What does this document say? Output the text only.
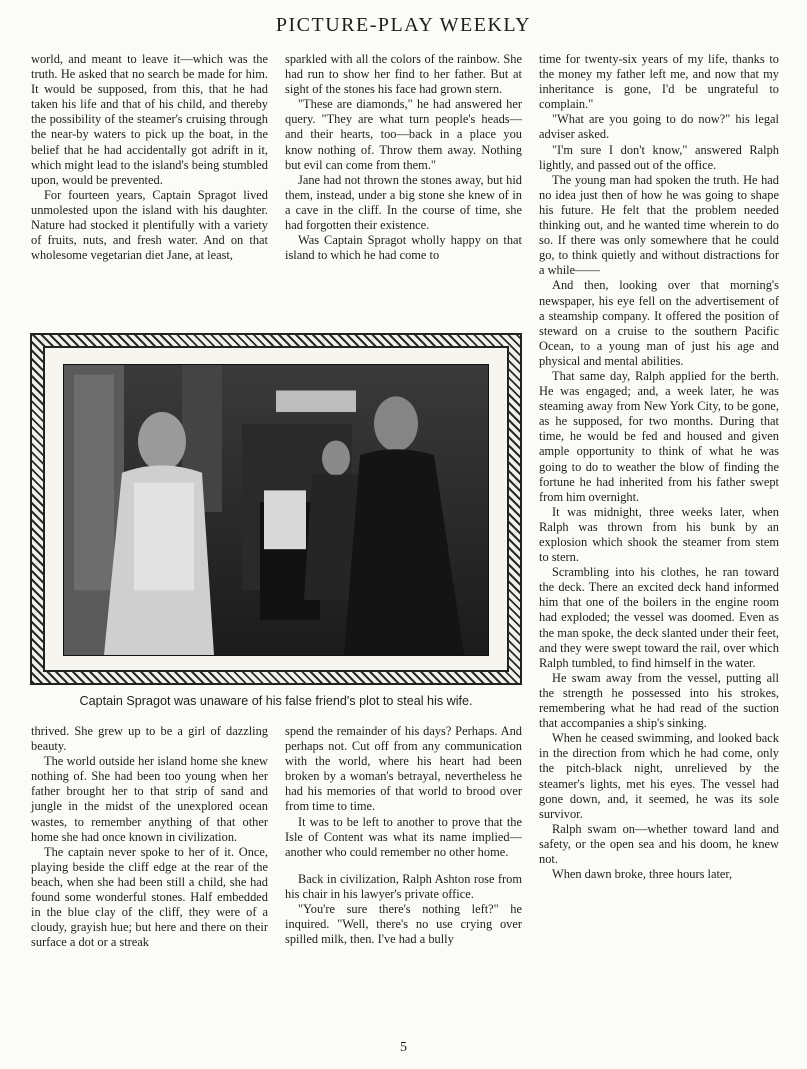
PICTURE-PLAY WEEKLY

world, and meant to leave it—which was the truth. He asked that no search be made for him. It would be supposed, from this, that he had taken his life and that of his child, and thereby the possibility of the steamer's cruising through the near-by waters to pick up the boat, in the belief that he had accidentally got adrift in it, which might lead to the island's being stumbled upon, would be prevented.

For fourteen years, Captain Spragot lived unmolested upon the island with his daughter. Nature had stocked it plentifully with a variety of fruits, nuts, and fresh water. And on that wholesome vegetarian diet Jane, at least,

sparkled with all the colors of the rainbow. She had run to show her find to her father. But at sight of the stones his face had grown stern.

"These are diamonds," he had answered her query. "They are what turn people's heads—and their hearts, too—back in a place you know nothing of. Throw them away. Nothing but evil can come from them."

Jane had not thrown the stones away, but hid them, instead, under a big stone she knew of in a cave in the cliff. In the course of time, she had forgotten their existence.

Was Captain Spragot wholly happy on that island to which he had come to

time for twenty-six years of my life, thanks to the money my father left me, and now that my inheritance is gone, I'd be ungrateful to complain."

"What are you going to do now?" his legal adviser asked.

"I'm sure I don't know," answered Ralph lightly, and passed out of the office.

The young man had spoken the truth. He had no idea just then of how he was going to shape his future. He felt that the problem needed thinking out, and he wanted time wherein to do so. If there was only somewhere that he could go, to think quietly and without distractions for a while——

And then, looking over that morning's newspaper, his eye fell on the advertisement of a steamship company. It offered the position of steward on a cruise to the southern Pacific Ocean, to a young man of just his age and physical and mental abilities.

That same day, Ralph applied for the berth. He was engaged; and, a week later, he was steaming away from New York City, to be gone, as he supposed, for two months. During that time, he would be fed and housed and given ample opportunity to think of what he was going to do to weather the blow of finding the fortune he had inherited from his father swept from him overnight.

It was midnight, three weeks later, when Ralph was thrown from his bunk by an explosion which shook the steamer from stem to stern.

Scrambling into his clothes, he ran toward the deck. There an excited deck hand informed him that one of the boilers in the engine room had exploded; the vessel was doomed. Even as the man spoke, the deck slanted under their feet, and they were swept toward the rail, over which Ralph tumbled, to find himself in the water.

He swam away from the vessel, putting all the strength he possessed into his strokes, remembering what he had read of the suction that accompanies a ship's sinking.

When he ceased swimming, and looked back in the direction from which he had come, only the pitch-black night, unrelieved by the steamer's lights, met his eyes. The vessel had gone down, and, it seemed, he was its sole survivor.

Ralph swam on—whether toward land and safety, or the open sea and his doom, he knew not.

When dawn broke, three hours later,

Captain Spragot was unaware of his false friend's plot to steal his wife.

thrived. She grew up to be a girl of dazzling beauty.

The world outside her island home she knew nothing of. She had been too young when her father brought her to that strip of sand and jungle in the midst of the unexplored ocean wastes, to remember anything of that other home she had once known in civilization.

The captain never spoke to her of it. Once, playing beside the cliff edge at the rear of the beach, when she had been still a child, she had found some wonderful stones. Half embedded in the blue clay of the cliff, they were of a cloudy, grayish hue; but here and there on their surface a dot or a streak

spend the remainder of his days? Perhaps. And perhaps not. Cut off from any communication with the world, where his heart had been broken by a woman's betrayal, nevertheless he had his memories of that world to brood over from time to time.

It was to be left to another to prove that the Isle of Content was what its name implied—another who could remember no other home.

Back in civilization, Ralph Ashton rose from his chair in his lawyer's private office.

"You're sure there's nothing left?" he inquired. "Well, there's no use crying over spilled milk, then. I've had a bully

5
